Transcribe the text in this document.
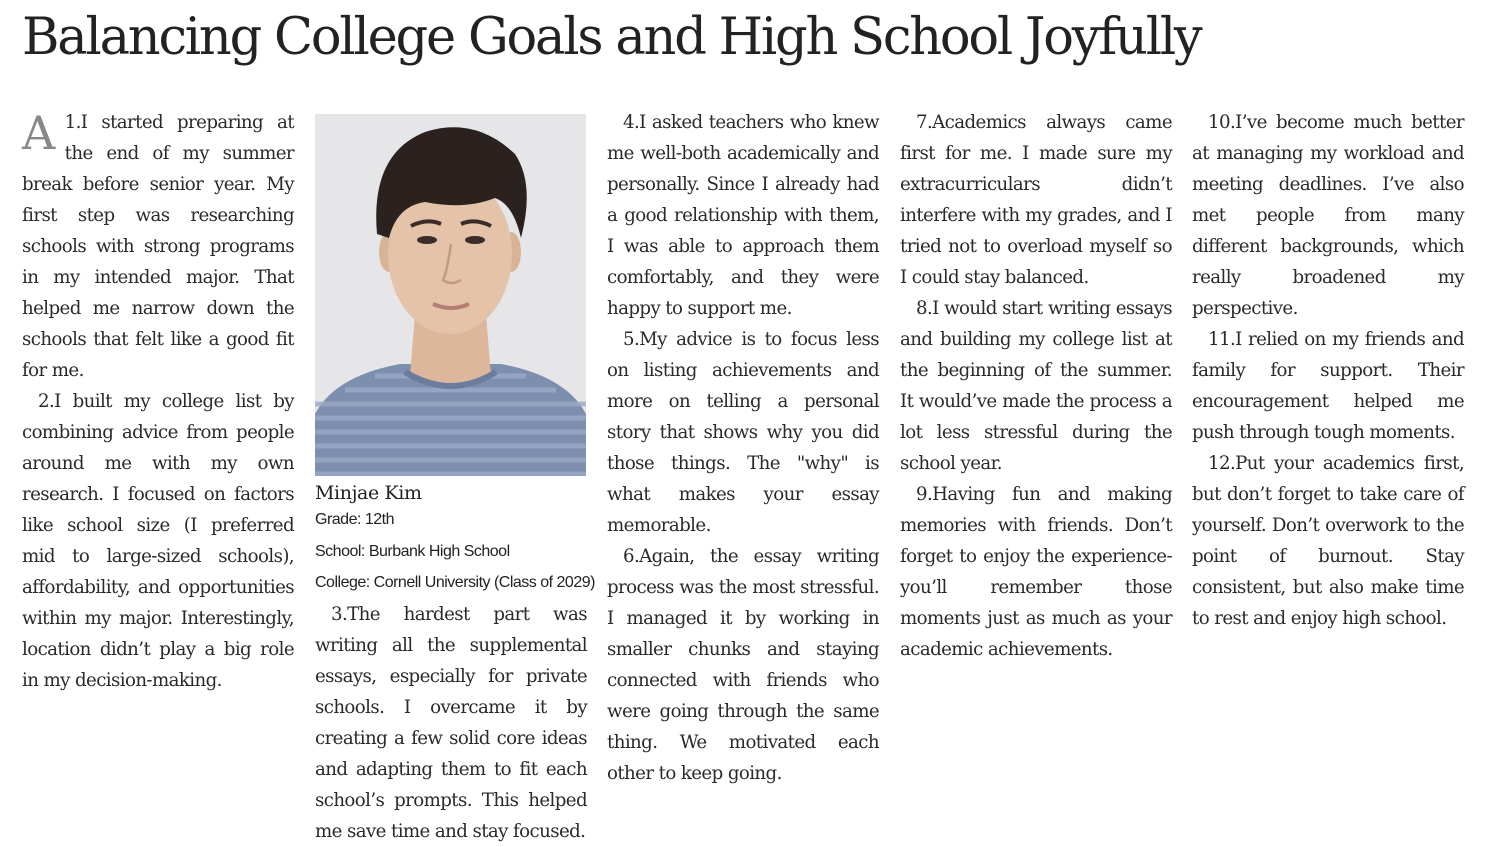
Balancing College Goals and High School Joyfully

A 1.I started preparing at the end of my summer break before senior year. My first step was researching schools with strong programs in my intended major. That helped me narrow down the schools that felt like a good fit for me.

2.I built my college list by combining advice from people around me with my own research. I focused on factors like school size (I preferred mid to large-sized schools), affordability, and opportunities within my major. Interestingly, location didn’t play a big role in my decision-making.

Minjae Kim
Grade: 12th
School: Burbank High School
College: Cornell University (Class of 2029)

3.The hardest part was writing all the supplemental essays, especially for private schools. I overcame it by creating a few solid core ideas and adapting them to fit each school’s prompts. This helped me save time and stay focused.

4.I asked teachers who knew me well-both academically and personally. Since I already had a good relationship with them, I was able to approach them comfortably, and they were happy to support me.

5.My advice is to focus less on listing achievements and more on telling a personal story that shows why you did those things. The "why" is what makes your essay memorable.

6.Again, the essay writing process was the most stressful. I managed it by working in smaller chunks and staying connected with friends who were going through the same thing. We motivated each other to keep going.

7.Academics always came first for me. I made sure my extracurriculars didn’t interfere with my grades, and I tried not to overload myself so I could stay balanced.

8.I would start writing essays and building my college list at the beginning of the summer. It would’ve made the process a lot less stressful during the school year.

9.Having fun and making memories with friends. Don’t forget to enjoy the experience-you’ll remember those moments just as much as your academic achievements.

10.I’ve become much better at managing my workload and meeting deadlines. I’ve also met people from many different backgrounds, which really broadened my perspective.

11.I relied on my friends and family for support. Their encouragement helped me push through tough moments.

12.Put your academics first, but don’t forget to take care of yourself. Don’t overwork to the point of burnout. Stay consistent, but also make time to rest and enjoy high school.
